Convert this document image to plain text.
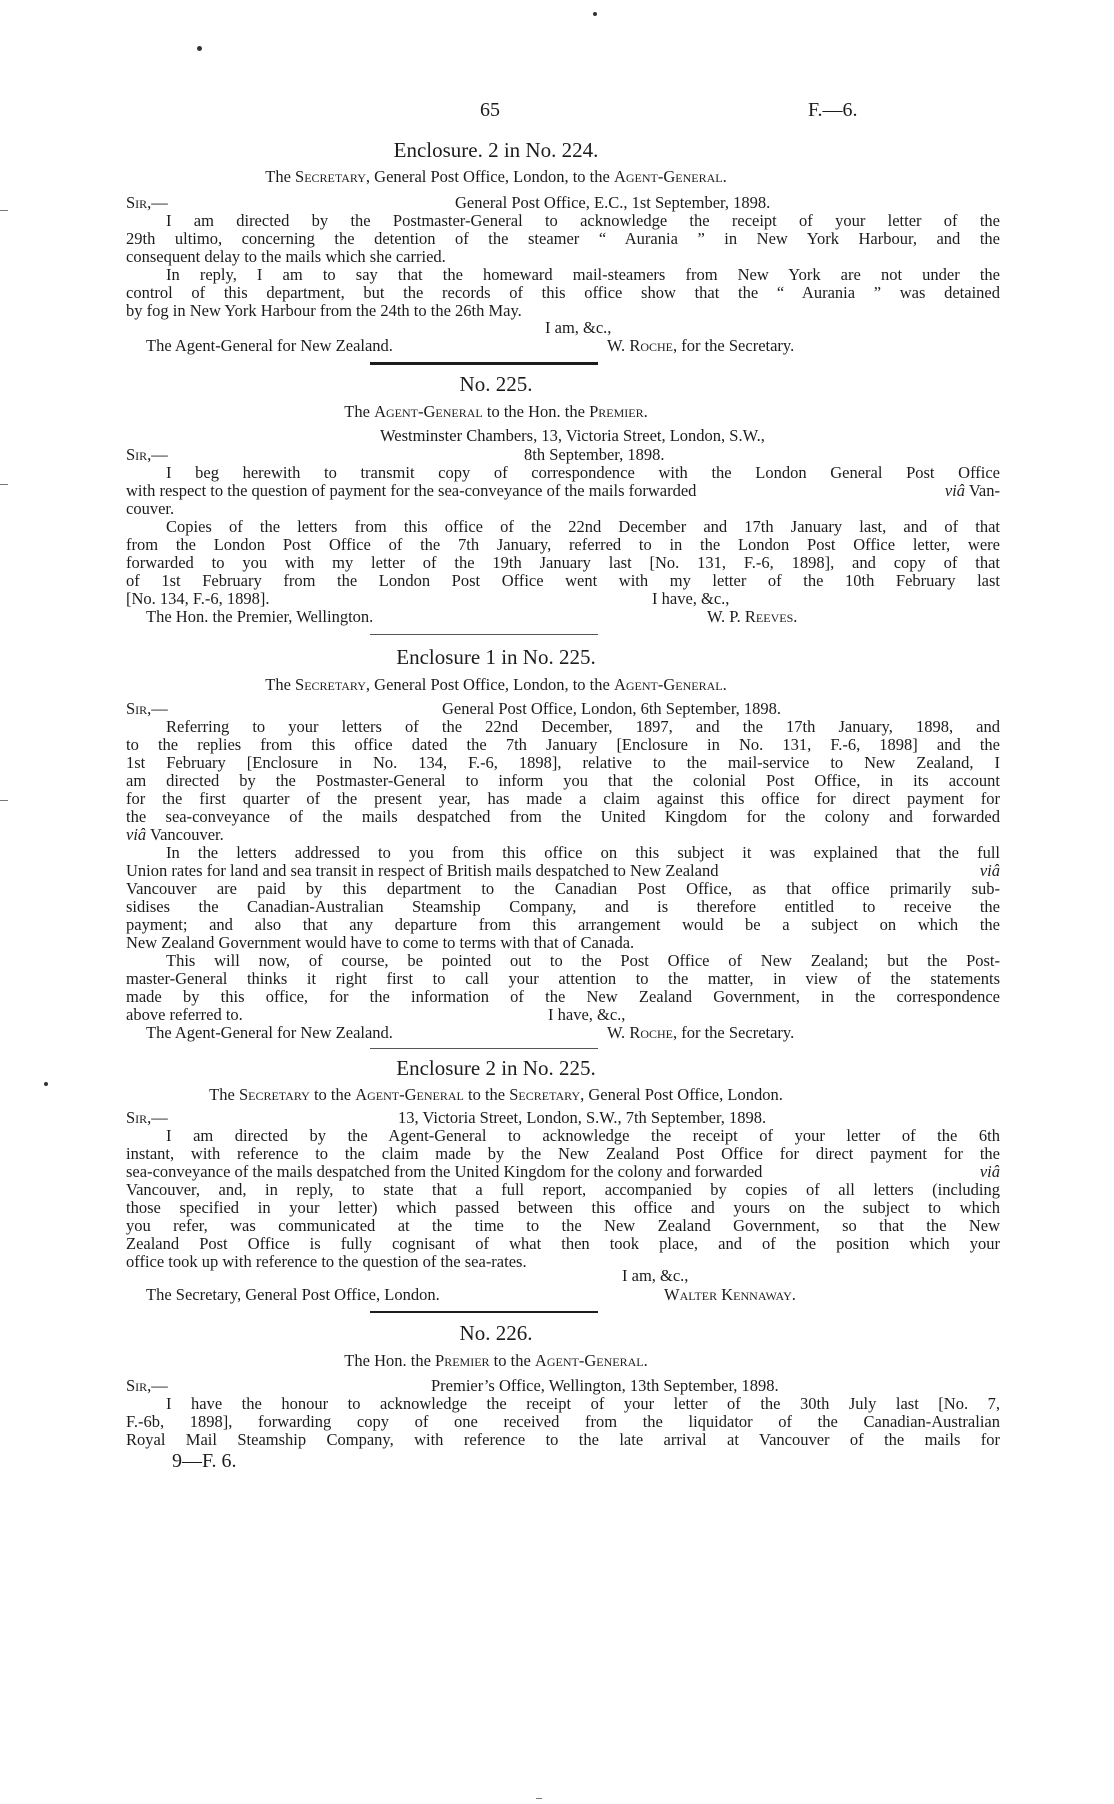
65	F.—6.
Enclosure. 2 in No. 224.
The Secretary, General Post Office, London, to the Agent-General.
Sir,—	General Post Office, E.C., 1st September, 1898.
I am directed by the Postmaster-General to acknowledge the receipt of your letter of the
29th ultimo, concerning the detention of the steamer “ Aurania ” in New York Harbour, and the
consequent delay to the mails which she carried.
In reply, I am to say that the homeward mail-steamers from New York are not under the
control of this department, but the records of this office show that the “ Aurania ” was detained
by fog in New York Harbour from the 24th to the 26th May.
I am, &c.,
The Agent-General for New Zealand.	W. Roche, for the Secretary.
No. 225.
The Agent-General to the Hon. the Premier.
Westminster Chambers, 13, Victoria Street, London, S.W.,
Sir,—	8th September, 1898.
I beg herewith to transmit copy of correspondence with the London General Post Office
with respect to the question of payment for the sea-conveyance of the mails forwarded	viâ Van-
couver.
Copies of the letters from this office of the 22nd December and 17th January last, and of that
from the London Post Office of the 7th January, referred to in the London Post Office letter, were
forwarded to you with my letter of the 19th January last [No. 131, F.-6, 1898], and copy of that
of 1st February from the London Post Office went with my letter of the 10th February last
[No. 134, F.-6, 1898].	I have, &c.,
The Hon. the Premier, Wellington.	W. P. Reeves.
Enclosure 1 in No. 225.
The Secretary, General Post Office, London, to the Agent-General.
Sir,—	General Post Office, London, 6th September, 1898.
Referring to your letters of the 22nd December, 1897, and the 17th January, 1898, and
to the replies from this office dated the 7th January [Enclosure in No. 131, F.-6, 1898] and the
1st February [Enclosure in No. 134, F.-6, 1898], relative to the mail-service to New Zealand, I
am directed by the Postmaster-General to inform you that the colonial Post Office, in its account
for the first quarter of the present year, has made a claim against this office for direct payment for
the sea-conveyance of the mails despatched from the United Kingdom for the colony and forwarded
viâ Vancouver.
In the letters addressed to you from this office on this subject it was explained that the full
Union rates for land and sea transit in respect of British mails despatched to New Zealand	viâ
Vancouver are paid by this department to the Canadian Post Office, as that office primarily sub-
sidises the Canadian-Australian Steamship Company, and is therefore entitled to receive the
payment; and also that any departure from this arrangement would be a subject on which the
New Zealand Government would have to come to terms with that of Canada.
This will now, of course, be pointed out to the Post Office of New Zealand; but the Post-
master-General thinks it right first to call your attention to the matter, in view of the statements
made by this office, for the information of the New Zealand Government, in the correspondence
above referred to.	I have, &c.,
The Agent-General for New Zealand.	W. Roche, for the Secretary.
Enclosure 2 in No. 225.
The Secretary to the Agent-General to the Secretary, General Post Office, London.
Sir,—	13, Victoria Street, London, S.W., 7th September, 1898.
I am directed by the Agent-General to acknowledge the receipt of your letter of the 6th
instant, with reference to the claim made by the New Zealand Post Office for direct payment for the
sea-conveyance of the mails despatched from the United Kingdom for the colony and forwarded	viâ
Vancouver, and, in reply, to state that a full report, accompanied by copies of all letters (including
those specified in your letter) which passed between this office and yours on the subject to which
you refer, was communicated at the time to the New Zealand Government, so that the New
Zealand Post Office is fully cognisant of what then took place, and of the position which your
office took up with reference to the question of the sea-rates.
I am, &c.,
The Secretary, General Post Office, London.	Walter Kennaway.
No. 226.
The Hon. the Premier to the Agent-General.
Sir,—	Premier’s Office, Wellington, 13th September, 1898.
I have the honour to acknowledge the receipt of your letter of the 30th July last [No. 7,
F.-6b, 1898], forwarding copy of one received from the liquidator of the Canadian-Australian
Royal Mail Steamship Company, with reference to the late arrival at Vancouver of the mails for
9—F. 6.
